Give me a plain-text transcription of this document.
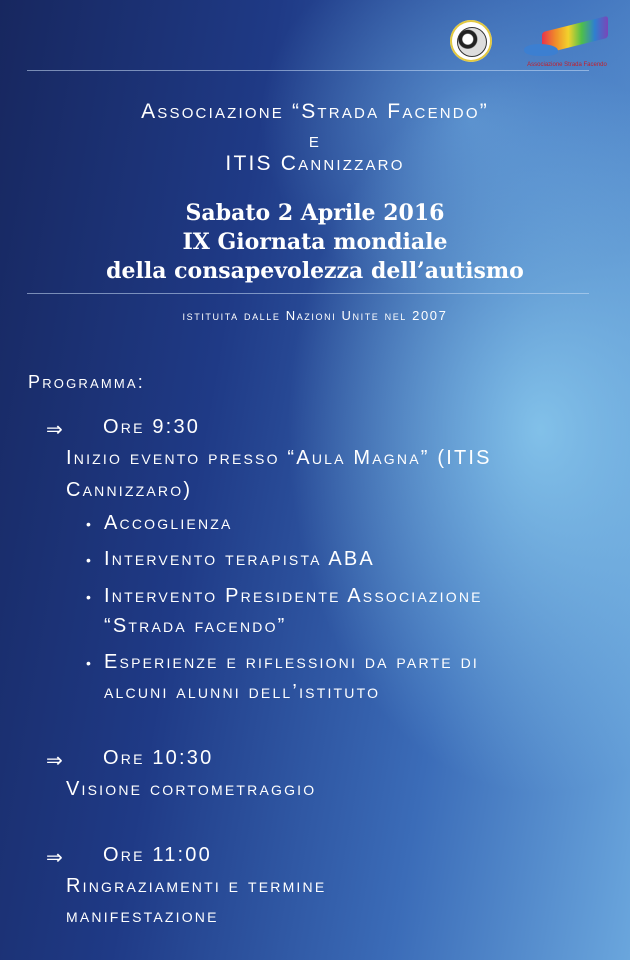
Associazione Strada Facendo
Associazione “Strada Facendo”
e
ITIS Cannizzaro
Sabato 2 Aprile 2016
IX Giornata mondiale
della consapevolezza dell’autismo
istituita dalle Nazioni Unite nel 2007
Programma:
⇒ Ore 9:30
Inizio evento presso “Aula Magna” (ITIS
Cannizzaro)
• Accoglienza
• Intervento terapista ABA
• Intervento Presidente Associazione
“Strada facendo”
• Esperienze e riflessioni da parte di
alcuni alunni dell’istituto
⇒ Ore 10:30
Visione cortometraggio
⇒ Ore 11:00
Ringraziamenti e termine
manifestazione
